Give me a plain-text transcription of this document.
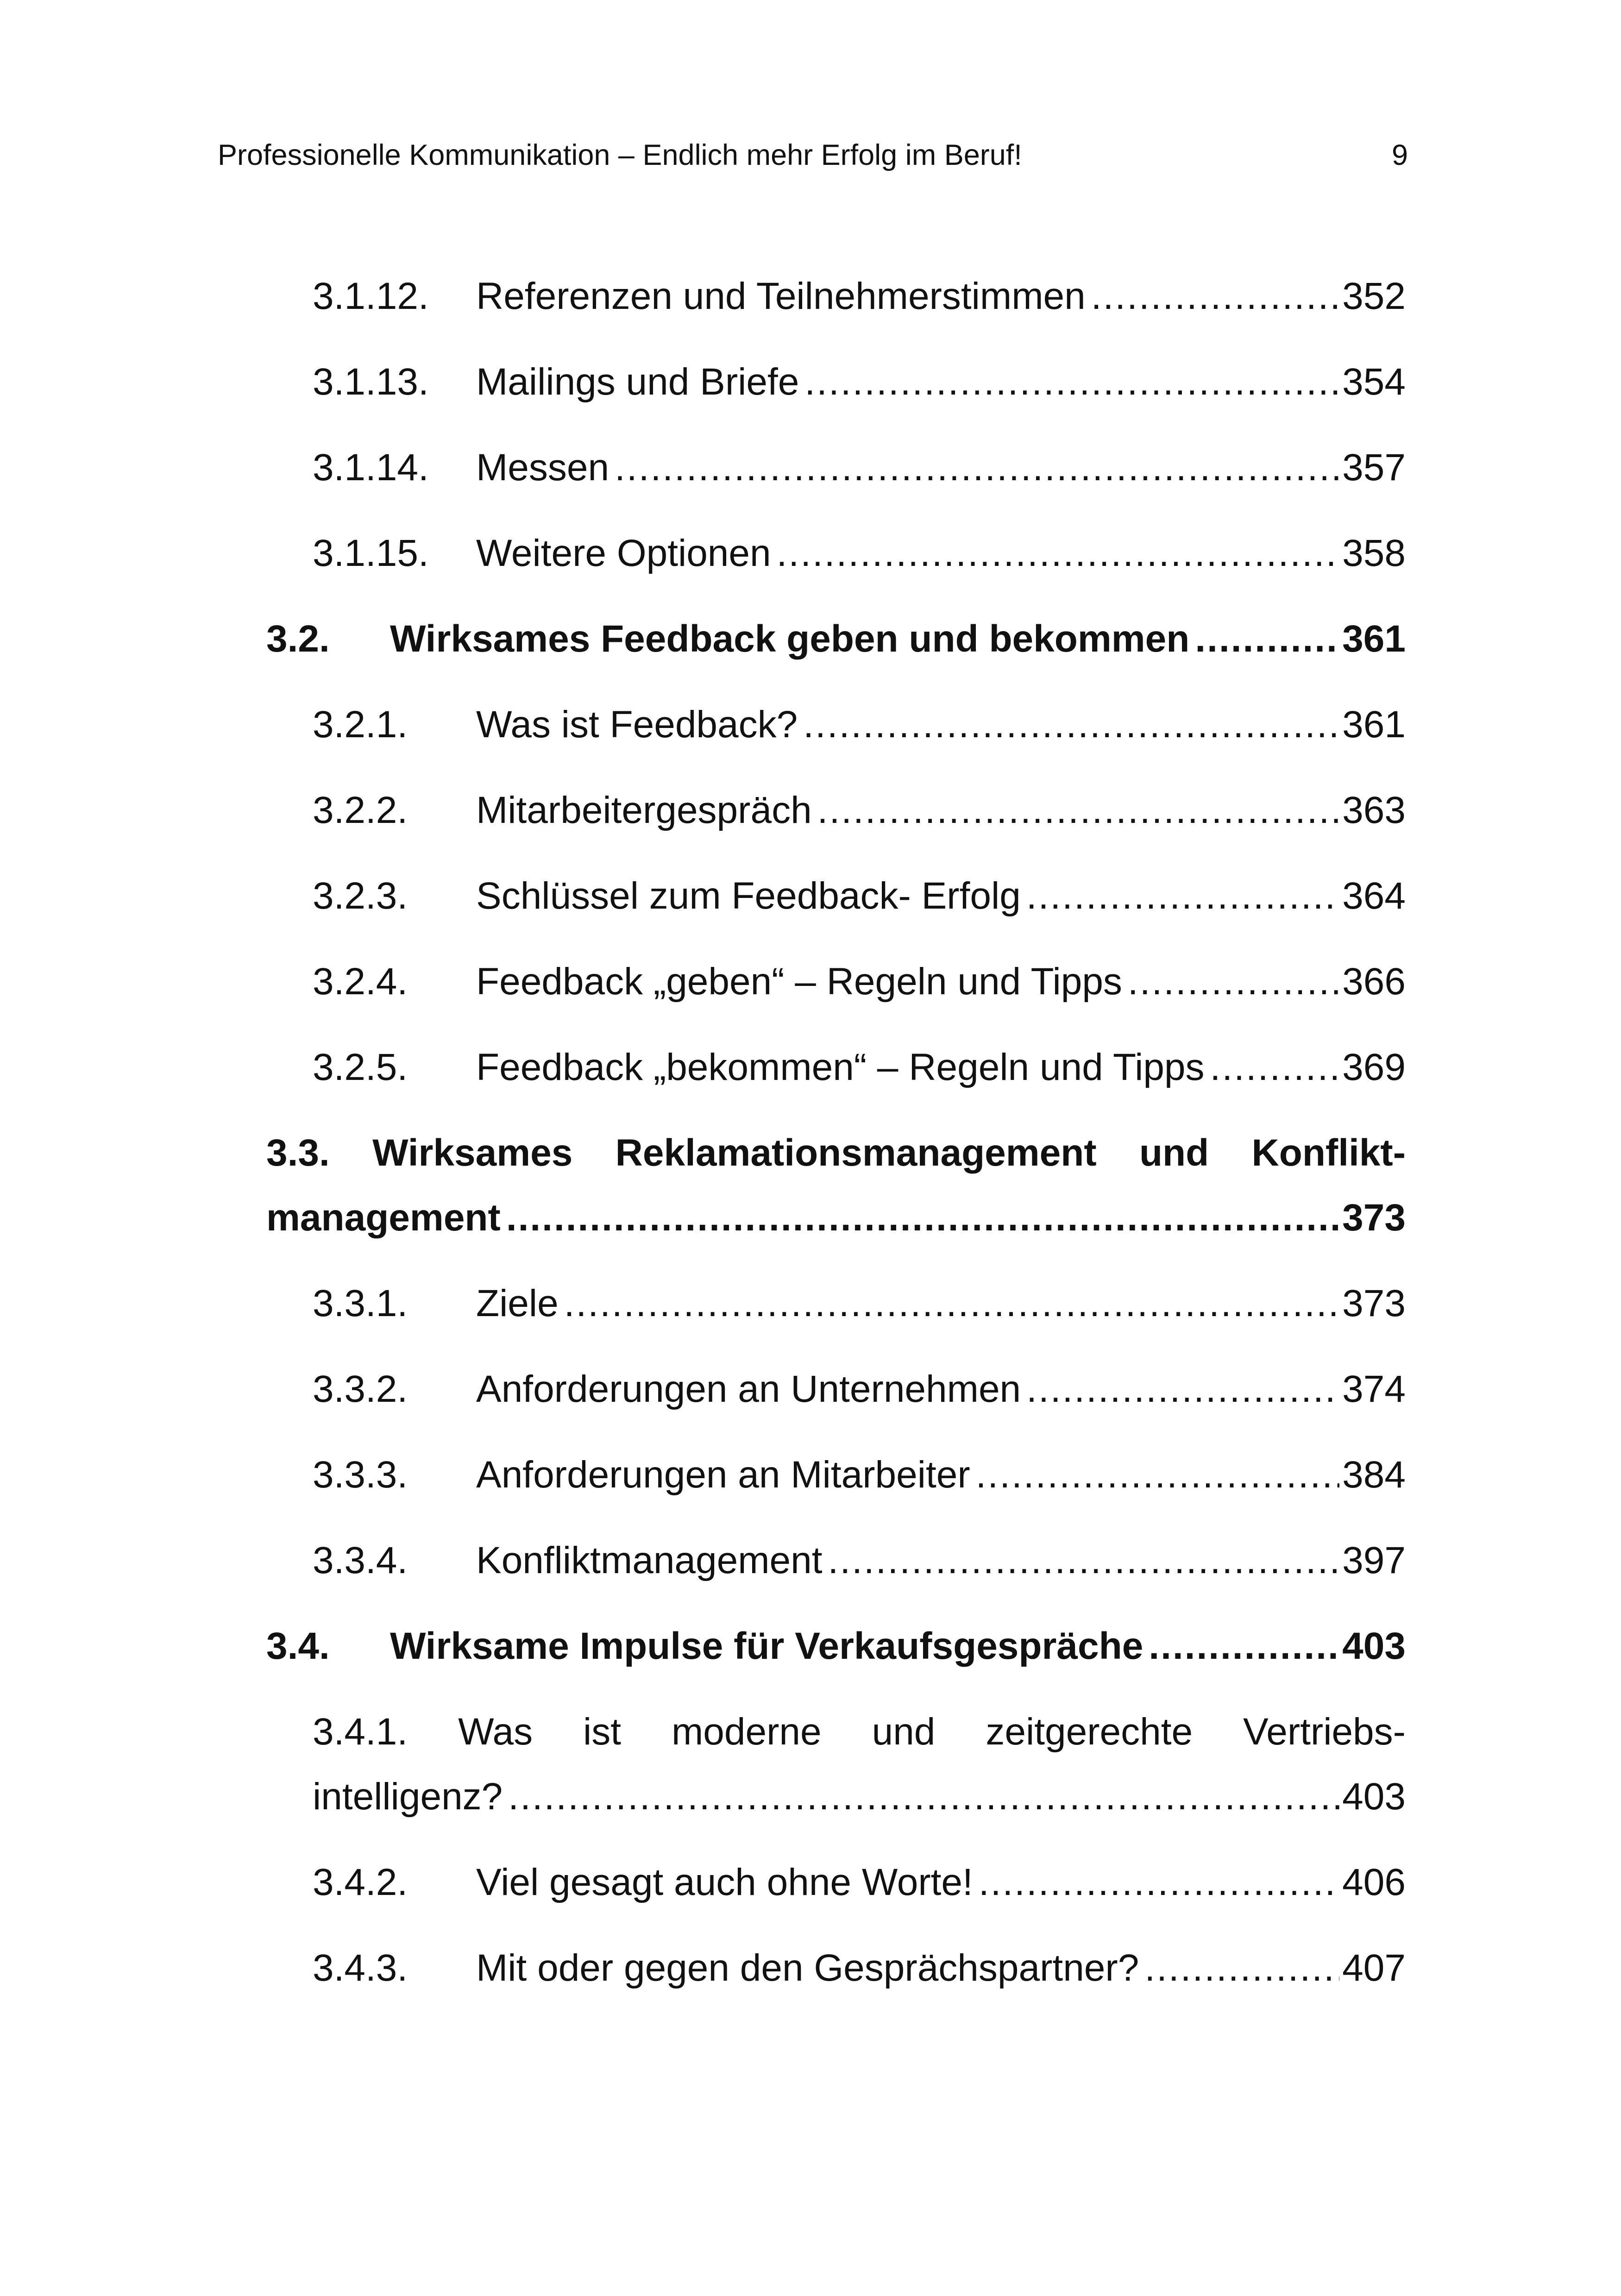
Professionelle Kommunikation – Endlich mehr Erfolg im Beruf!	9
3.1.12.	Referenzen und Teilnehmerstimmen .....	352
3.1.13.	Mailings und Briefe .....	354
3.1.14.	Messen .....	357
3.1.15.	Weitere Optionen .....	358
3.2.	Wirksames Feedback geben und bekommen .....	361
3.2.1.	Was ist Feedback? .....	361
3.2.2.	Mitarbeitergespräch .....	363
3.2.3.	Schlüssel zum Feedback- Erfolg .....	364
3.2.4.	Feedback „geben“ – Regeln und Tipps .....	366
3.2.5.	Feedback „bekommen“ – Regeln und Tipps .....	369
3.3. Wirksames Reklamationsmanagement und Konflikt-
management .....	373
3.3.1.	Ziele .....	373
3.3.2.	Anforderungen an Unternehmen .....	374
3.3.3.	Anforderungen an Mitarbeiter .....	384
3.3.4.	Konfliktmanagement .....	397
3.4.	Wirksame Impulse für Verkaufsgespräche .....	403
3.4.1. Was ist moderne und zeitgerechte Vertriebs-
intelligenz? .....	403
3.4.2.	Viel gesagt auch ohne Worte! .....	406
3.4.3.	Mit oder gegen den Gesprächspartner? .....	407
